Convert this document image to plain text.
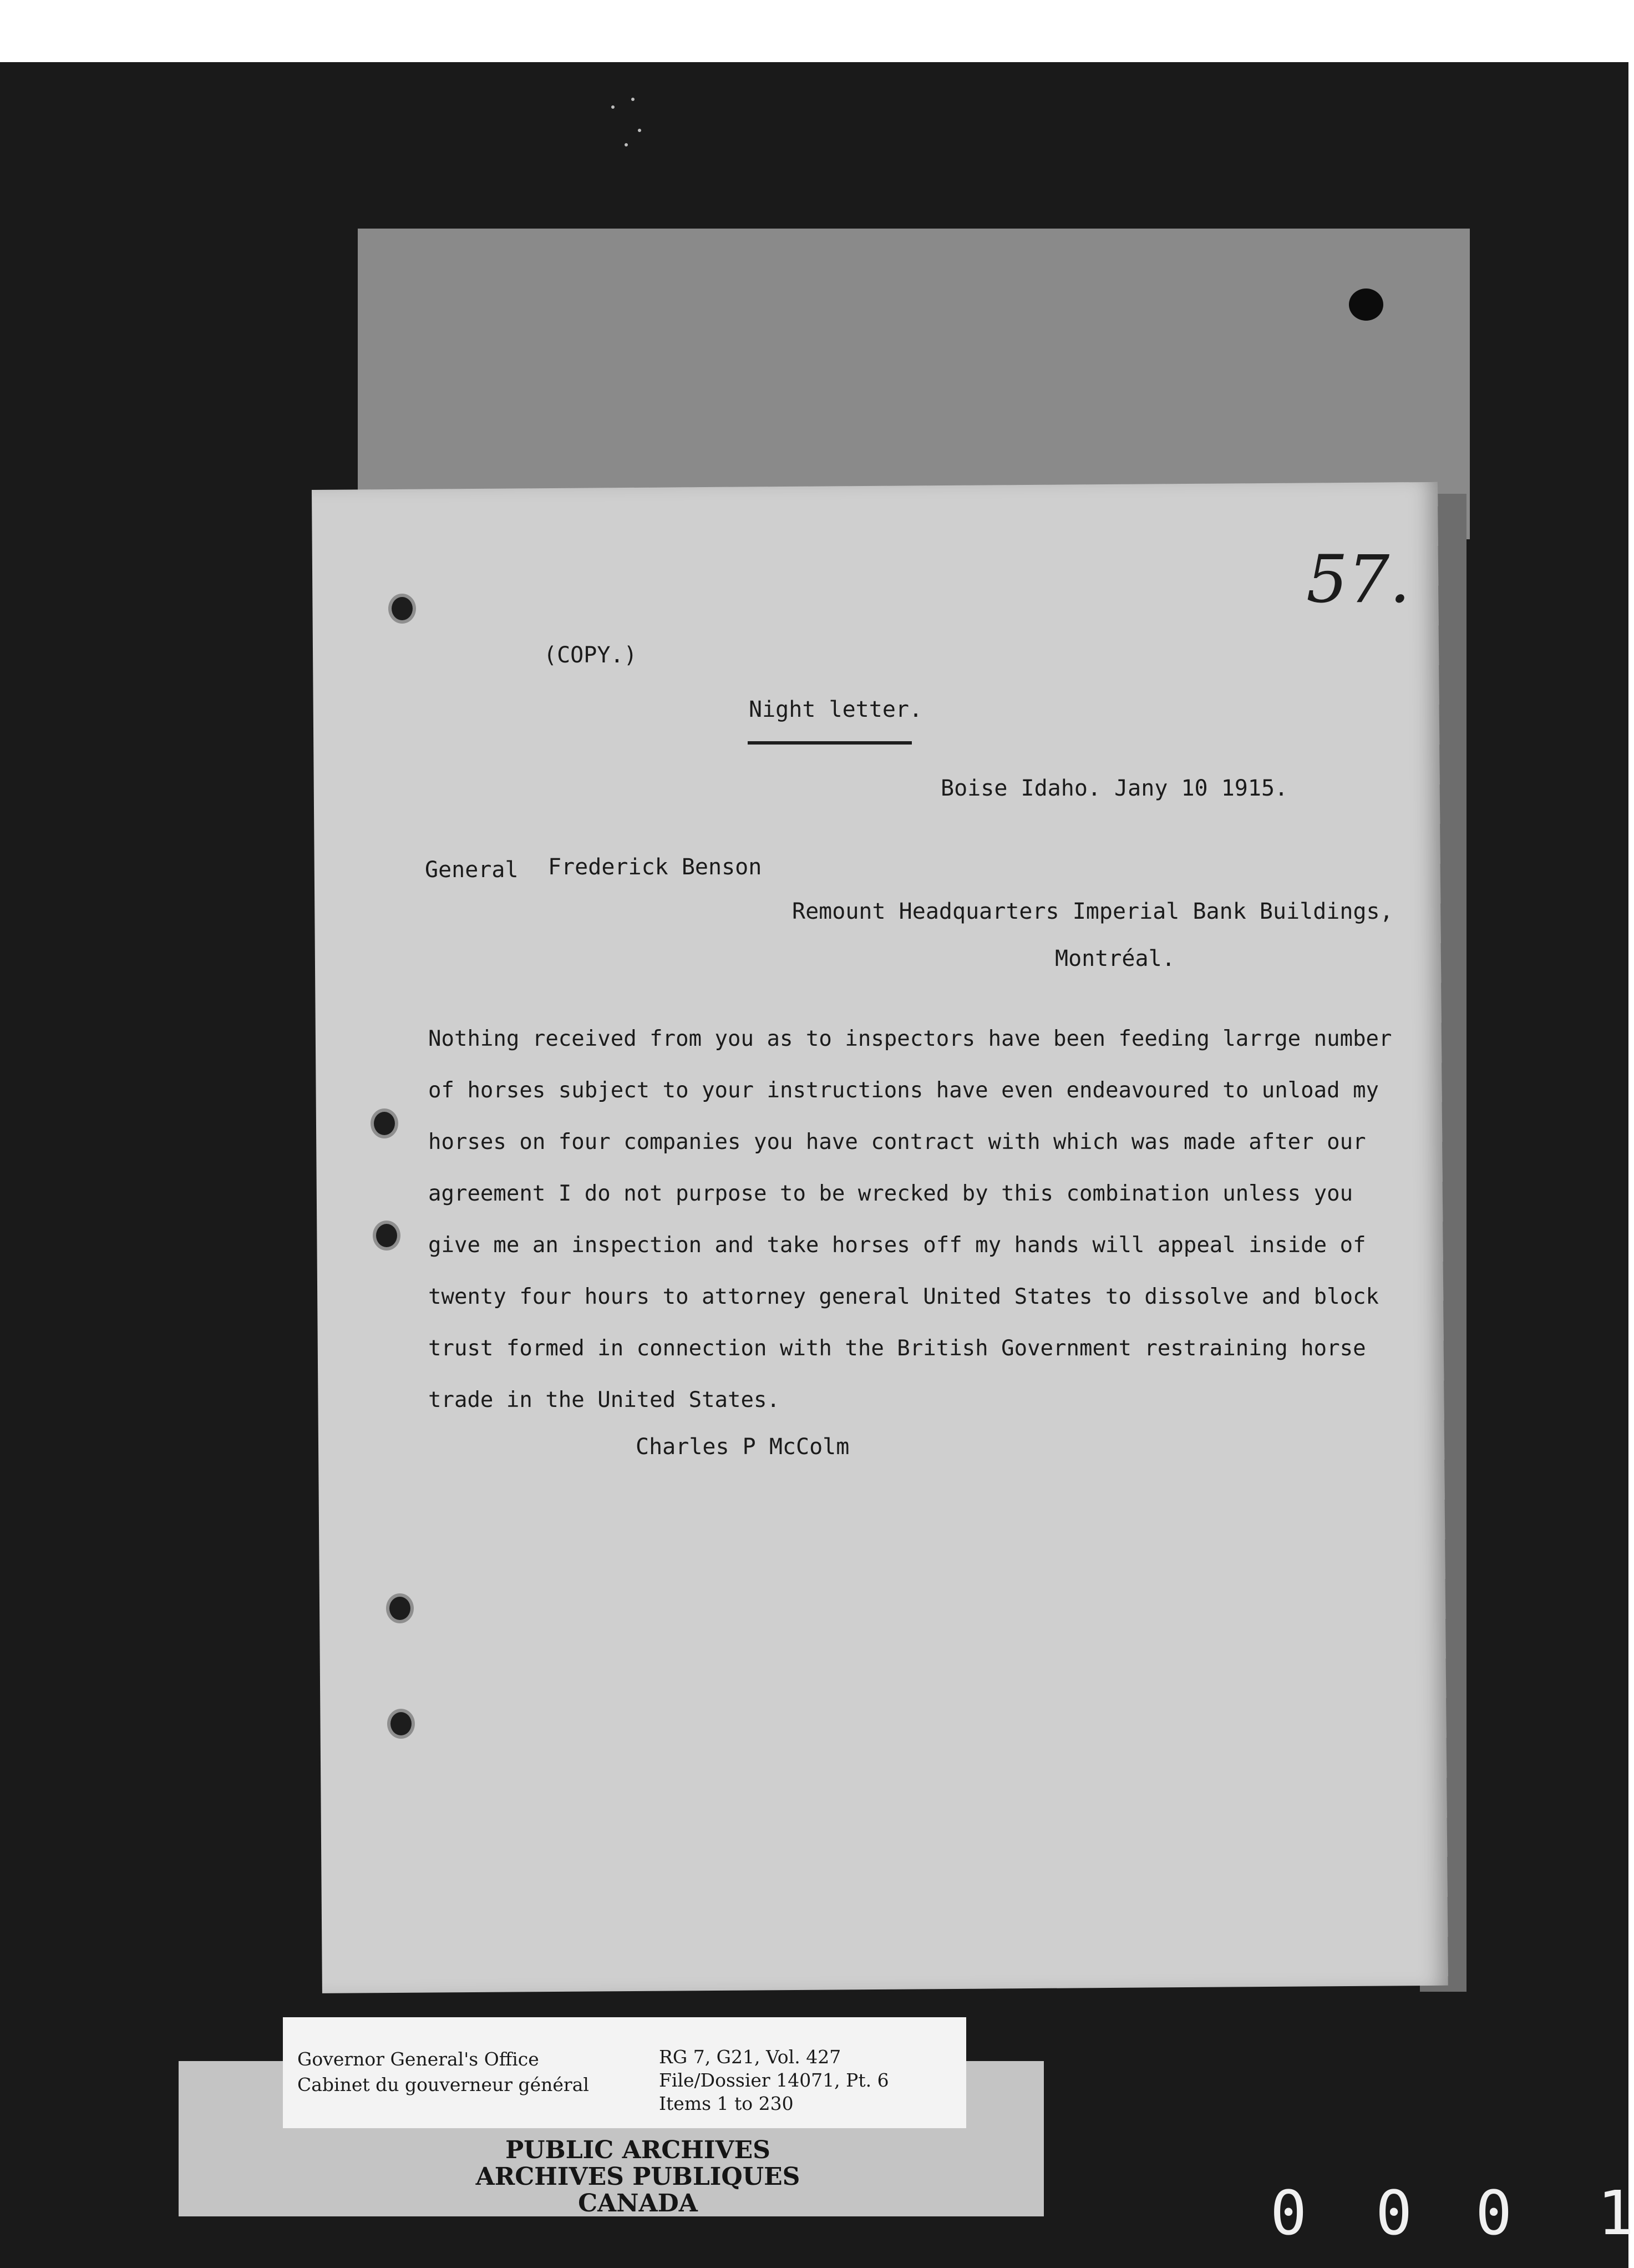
57.

(COPY.)

Night letter.

Boise Idaho. Jany 10 1915.

General Frederick Benson

Remount Headquarters Imperial Bank Buildings,

Montréal.

Nothing received from you as to inspectors have been feeding larrge number
of horses subject to your instructions have even endeavoured to unload my
horses on four companies you have contract with which was made after our
agreement I do not purpose to be wrecked by this combination unless you
give me an inspection and take horses off my hands will appeal inside of
twenty four hours to attorney general United States to dissolve and block
trust formed in connection with the British Government restraining horse
trade in the United States.

Charles P McColm

Governor General's Office

Cabinet du gouverneur général

RG 7, G21, Vol. 427

File/Dossier 14071, Pt. 6

Items 1 to 230

PUBLIC ARCHIVES

ARCHIVES PUBLIQUES

CANADA	0 0 0 1
